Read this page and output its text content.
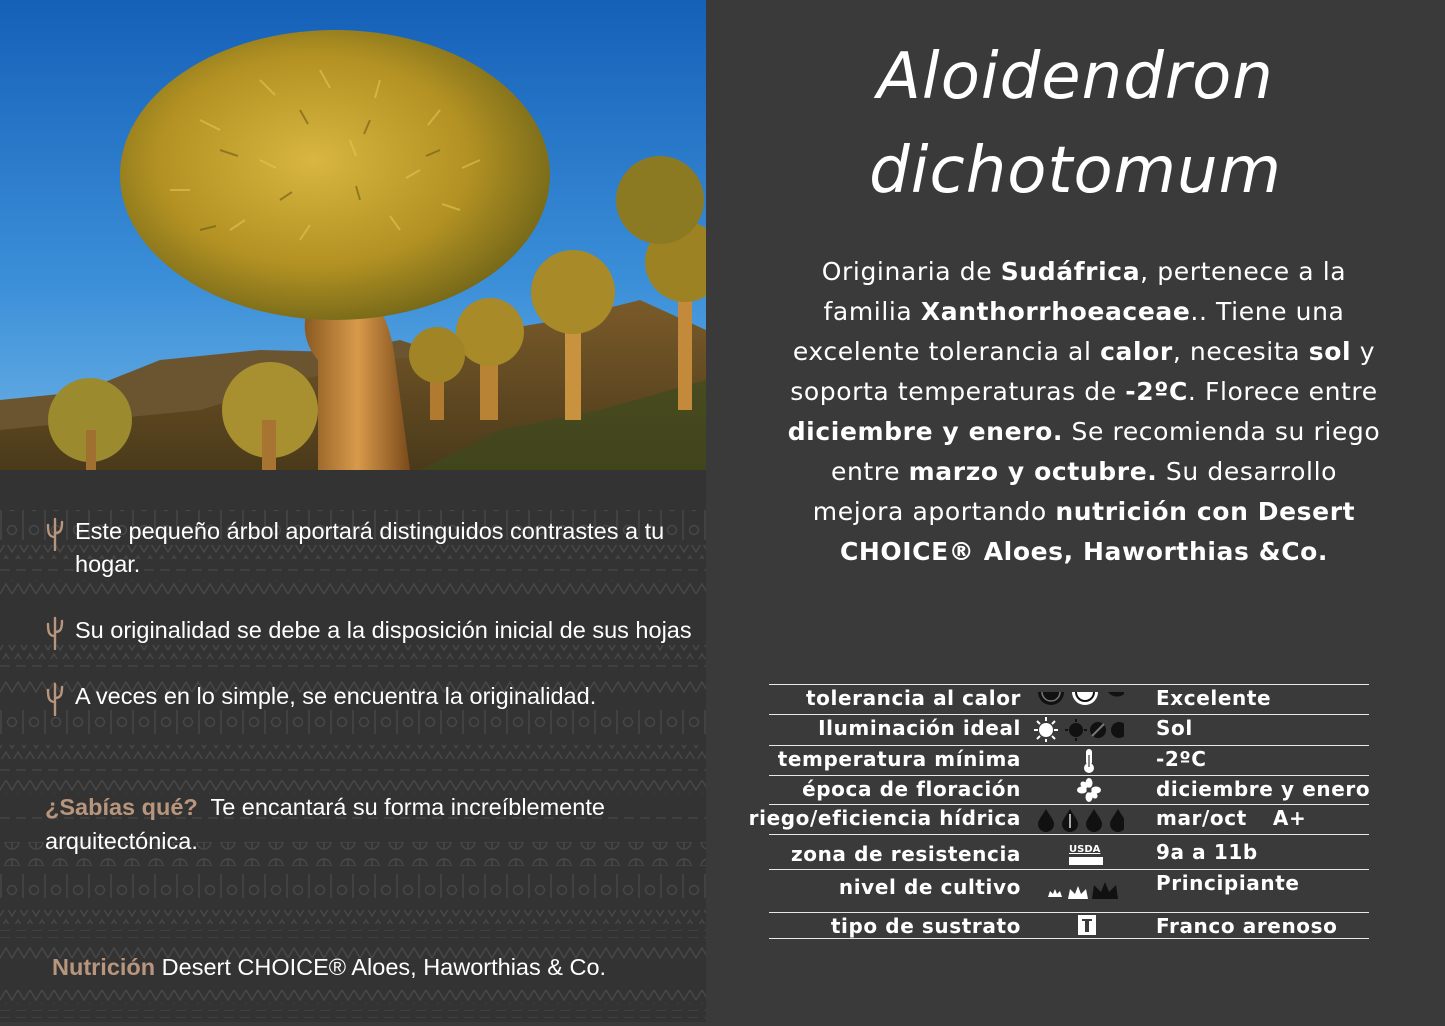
Este pequeño árbol aportará distinguidos contrastes a tu hogar.
Su originalidad se debe a la disposición inicial de sus hojas
A veces en lo simple, se encuentra la originalidad.
¿Sabías qué? Te encantará su forma increíblemente arquitectónica.
Nutrición Desert CHOICE® Aloes, Haworthias & Co.
Aloidendron
dichotomum
Originaria de Sudáfrica, pertenece a la familia Xanthorrhoeaceae.. Tiene una excelente tolerancia al calor, necesita sol y soporta temperaturas de -2ºC. Florece entre diciembre y enero. Se recomienda su riego entre marzo y octubre. Su desarrollo mejora aportando nutrición con Desert CHOICE® Aloes, Haworthias &Co.
tolerancia al calor	Excelente
Iluminación ideal	Sol
temperatura mínima	-2ºC
época de floración	diciembre y enero
riego/eficiencia hídrica	mar/oct A+
zona de resistencia	USDA	9a a 11b
nivel de cultivo	Principiante
tipo de sustrato	Franco arenoso
